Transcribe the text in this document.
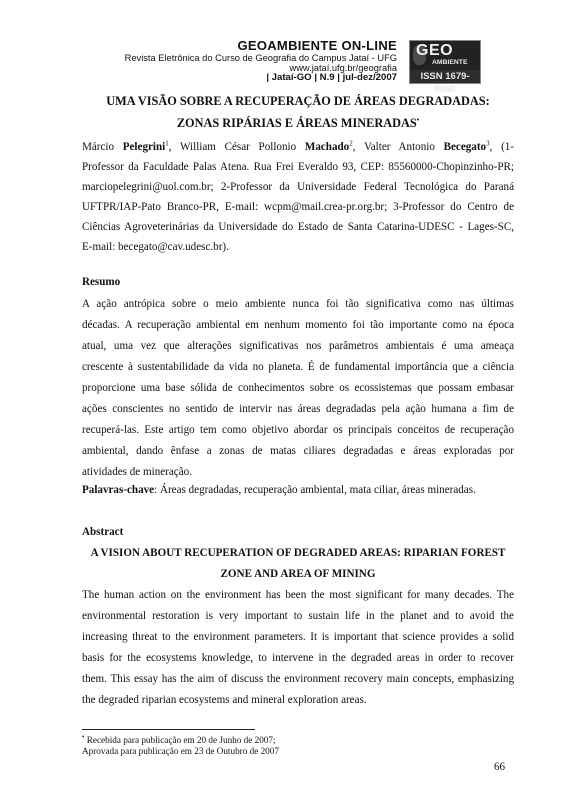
GEOAMBIENTE ON-LINE
Revista Eletrônica do Curso de Geografia do Campus Jataí - UFG
www.jataí.ufg.br/geografia
| Jataí-GO | N.9 | jul-dez/2007
GEO
AMBIENTE
ISSN 1679-9860
UMA VISÃO SOBRE A RECUPERAÇÃO DE ÁREAS DEGRADADAS:
ZONAS RIPÁRIAS E ÁREAS MINERADAS•
Márcio Pelegrini$^1$, William César Pollonio Machado$^2$, Valter Antonio Becegato$^3$, (1-
Professor da Faculdade Palas Atena. Rua Frei Everaldo 93, CEP: 85560000-Chopinzinho-PR;
marciopelegrini@uol.com.br; 2-Professor da Universidade Federal Tecnológica do Paraná
UFTPR/IAP-Pato Branco-PR, E-mail: wcpm@mail.crea-pr.org.br; 3-Professor do Centro de
Ciências Agroveterinárias da Universidade do Estado de Santa Catarina-UDESC - Lages-SC,
E-mail: becegato@cav.udesc.br).
Resumo
A ação antrópica sobre o meio ambiente nunca foi tão significativa como nas últimas
décadas. A recuperação ambiental em nenhum momento foi tão importante como na época
atual, uma vez que alterações significativas nos parâmetros ambientais é uma ameaça
crescente à sustentabilidade da vida no planeta. É de fundamental importância que a ciência
proporcione uma base sólida de conhecimentos sobre os ecossistemas que possam embasar
ações conscientes no sentido de intervir nas áreas degradadas pela ação humana a fim de
recuperá-las. Este artigo tem como objetivo abordar os principais conceitos de recuperação
ambiental, dando ênfase a zonas de matas ciliares degradadas e áreas exploradas por
atividades de mineração.
Palavras-chave: Áreas degradadas, recuperação ambiental, mata ciliar, áreas mineradas.
Abstract
A VISION ABOUT RECUPERATION OF DEGRADED AREAS: RIPARIAN FOREST
ZONE AND AREA OF MINING
The human action on the environment has been the most significant for many decades. The
environmental restoration is very important to sustain life in the planet and to avoid the
increasing threat to the environment parameters. It is important that science provides a solid
basis for the ecosystems knowledge, to intervene in the degraded areas in order to recover
them. This essay has the aim of discuss the environment recovery main concepts, emphasizing
the degraded riparian ecosystems and mineral exploration areas.
• Recebida para publicação em 20 de Junho de 2007;
Aprovada para publicação em 23 de Outubro de 2007
66
